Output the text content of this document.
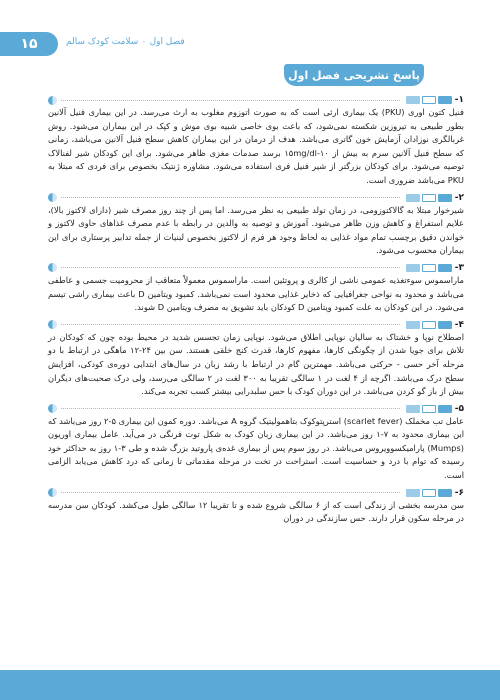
۱۵	فصل اول-سلامت کودک سالم
پاسخ تشریحی فصل اول
۱-

فنیل کتون اوری (PKU) یک بیماری ارثی است که به صورت اتوزوم مغلوب به ارث می‌رسد. در این بیماری فنیل آلانین بطور طبیعی به تیروزین شکسته نمی‌شود، که باعث بوی خاصی شبیه بوی موش و کپک در این بیماران می‌شود. روش غربالگری نوزادان آزمایش خون گاتری می‌باشد. هدف از درمان در این بیماران کاهش سطح فنیل آلانین می‌باشد، زمانی که سطح فنیل آلانین سرم به بیش از ۱۵mg/dl-۱۰ برسد صدمات مغزی ظاهر می‌شود. برای این کودکان شیر لفنالاک توصیه می‌شود. برای کودکان بزرگتر از شیر فنیل فری استفاده می‌شود. مشاوره ژنتیک بخصوص برای فردی که مبتلا به PKU می‌باشد ضروری است.

۲-

شیرخوار مبتلا به گالاکتوزومی، در زمان تولد طبیعی به نظر می‌رسد. اما پس از چند روز مصرف شیر (دارای لاکتوز بالا)، علایم استفراغ و کاهش وزن ظاهر می‌شود. آموزش و توصیه به والدین در رابطه با عدم مصرف غذاهای حاوی لاکتوز و خواندن دقیق برچسب تمام مواد غذایی به لحاظ وجود هر فرم از لاکتوز بخصوص لبنیات از جمله تدابیر پرستاری برای این بیماران محسوب می‌شود.

۳-

ماراسموس سوءتغذیه عمومی ناشی از کالری و پروتئین است. ماراسموس معمولاً متعاقب از محرومیت جسمی و عاطفی می‌باشد و محدود به نواحی جغرافیایی که ذخایر غذایی محدود است نمی‌باشد. کمبود ویتامین D باعث بیماری راشی تیسم می‌شود. در این کودکان به علت کمبود ویتامین D کودکان باید تشویق به مصرف ویتامین D شوند.

۴-

اصطلاح نوپا و خشتاک به سالیان نوپایی اطلاق می‌شود. نوپایی زمان تجسس شدید در محیط بوده چون که کودکان در تلاش برای جویا شدن از چگونگی کارها، مفهوم کارها، قدرت کنج خلقی هستند. سن بین ۲۴-۱۲ ماهگی در ارتباط با دو مرحله آخر حسی - حرکتی می‌باشد. مهمترین گام در ارتباط با رشد زبان در سال‌های ابتدایی دوره‌ی کودکی، افزایش سطح درک می‌باشد. اگرچه از ۴ لغت در ۱ سالگی تقریبا به ۳۰۰ لغت در ۲ سالگی می‌رسد، ولی درک صحبت‌های دیگران بیش از باز گو کردن می‌باشد. در این دوران کودک با حس سلبدرایی بیشتر کسب تجربه می‌کند.

۵-

عامل تب مخملک (scarlet fever) استرپتوکوک بتاهمولیتیک گروه A می‌باشد. دوره کمون این بیماری ۵-۲ روز می‌باشد که این بیماری محدود به ۷-۱ روز می‌باشد. در این بیماری زبان کودک به شکل توت فرنگی در می‌آید. عامل بیماری اوریون (Mumps) پارامیکسوویروس می‌باشد. در روز سوم پس از بیماری غده‌ی پاروتید بزرگ شده و طی ۳-۱ روز به حداکثر خود رسیده که توام با درد و حساسیت است. استراحت در تخت در مرحله مقدماتی تا زمانی که درد کاهش می‌یابد الزامی است.

۶-

سن مدرسه بخشی از زندگی است که از ۶ سالگی شروع شده و تا تقریبا ۱۲ سالگی طول می‌کشد. کودکان سن مدرسه در مرحله سکون قرار دارند. حس سازندگی در دوران
